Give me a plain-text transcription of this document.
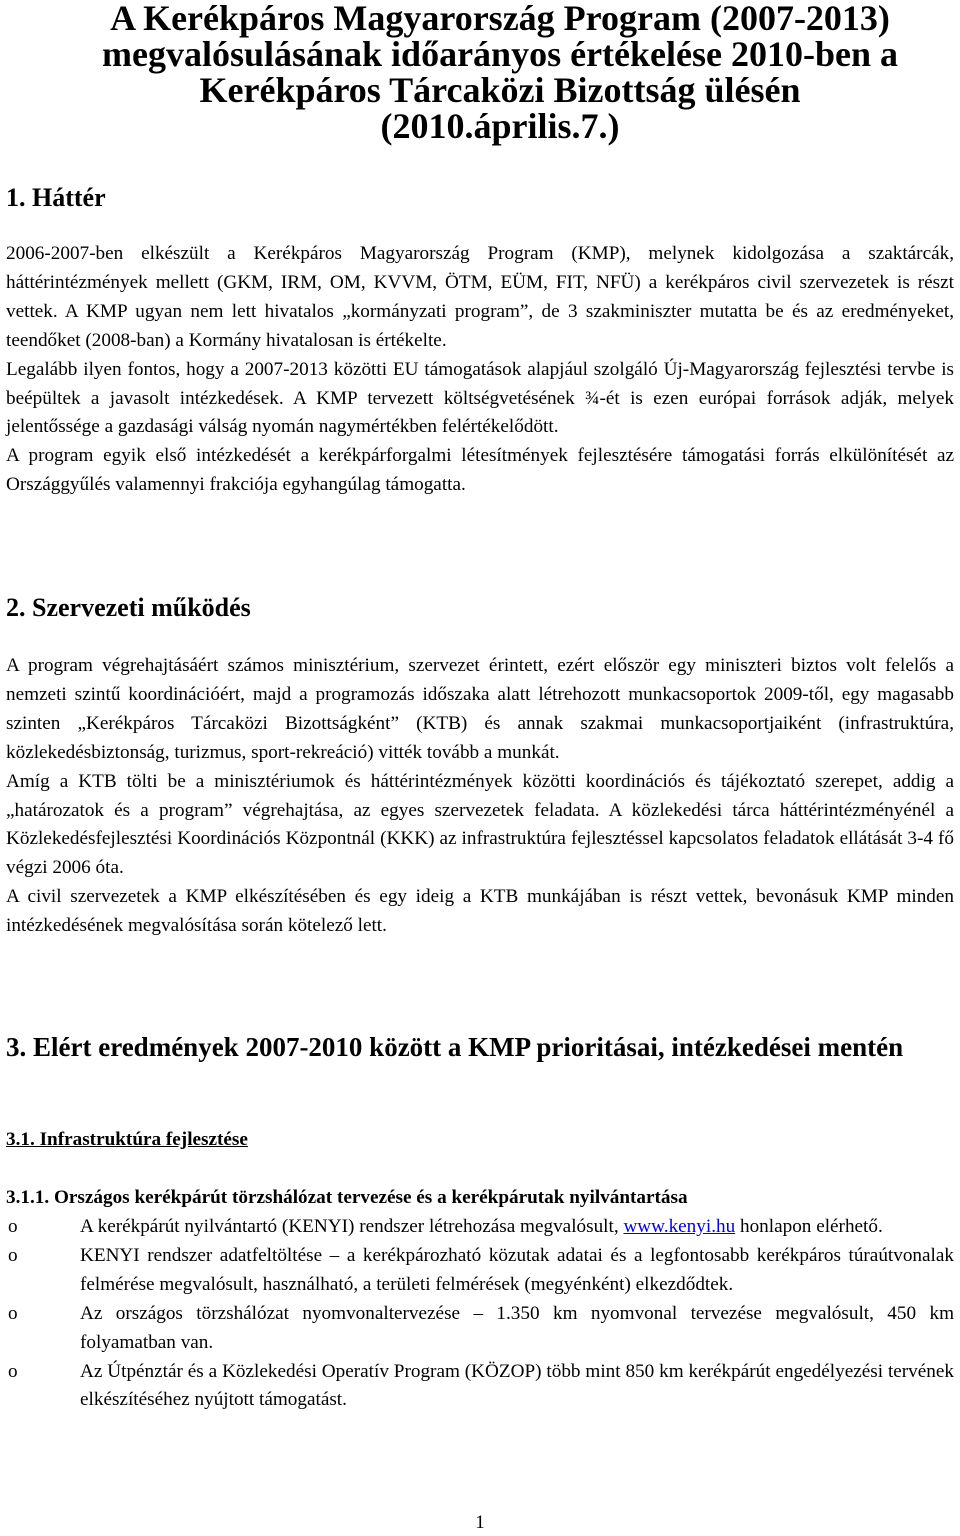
A Kerékpáros Magyarország Program (2007-2013)
megvalósulásának időarányos értékelése 2010-ben a
Kerékpáros Tárcaközi Bizottság ülésén
(2010.április.7.)
1. Háttér
2006-2007-ben elkészült a Kerékpáros Magyarország Program (KMP), melynek kidolgozása a szaktárcák, háttérintézmények mellett (GKM, IRM, OM, KVVM, ÖTM, EÜM, FIT, NFÜ) a kerékpáros civil szervezetek is részt vettek. A KMP ugyan nem lett hivatalos „kormányzati program”, de 3 szakminiszter mutatta be és az eredményeket, teendőket (2008-ban) a Kormány hivatalosan is értékelte.
Legalább ilyen fontos, hogy a 2007-2013 közötti EU támogatások alapjául szolgáló Új-Magyarország fejlesztési tervbe is beépültek a javasolt intézkedések. A KMP tervezett költségvetésének ¾-ét is ezen európai források adják, melyek jelentőssége a gazdasági válság nyomán nagymértékben felértékelődött.
A program egyik első intézkedését a kerékpárforgalmi létesítmények fejlesztésére támogatási forrás elkülönítését az Országgyűlés valamennyi frakciója egyhangúlag támogatta.
2. Szervezeti működés
A program végrehajtásáért számos minisztérium, szervezet érintett, ezért először egy miniszteri biztos volt felelős a nemzeti szintű koordinációért, majd a programozás időszaka alatt létrehozott munkacsoportok 2009-től, egy magasabb szinten „Kerékpáros Tárcaközi Bizottságként” (KTB) és annak szakmai munkacsoportjaiként (infrastruktúra, közlekedésbiztonság, turizmus, sport-rekreáció) vitték tovább a munkát.
Amíg a KTB tölti be a minisztériumok és háttérintézmények közötti koordinációs és tájékoztató szerepet, addig a „határozatok és a program” végrehajtása, az egyes szervezetek feladata. A közlekedési tárca háttérintézményénél a Közlekedésfejlesztési Koordinációs Központnál (KKK) az infrastruktúra fejlesztéssel kapcsolatos feladatok ellátását 3-4 fő végzi 2006 óta.
A civil szervezetek a KMP elkészítésében és egy ideig a KTB munkájában is részt vettek, bevonásuk KMP minden intézkedésének megvalósítása során kötelező lett.
3. Elért eredmények 2007-2010 között a KMP prioritásai, intézkedései mentén
3.1. Infrastruktúra fejlesztése
3.1.1. Országos kerékpárút törzshálózat tervezése és a kerékpárutak nyilvántartása
o	A kerékpárút nyilvántartó (KENYI) rendszer létrehozása megvalósult, www.kenyi.hu honlapon elérhető.
o	KENYI rendszer adatfeltöltése – a kerékpározható közutak adatai és a legfontosabb kerékpáros túraútvonalak felmérése megvalósult, használható, a területi felmérések (megyénként) elkezdődtek.
o	Az országos törzshálózat nyomvonaltervezése – 1.350 km nyomvonal tervezése megvalósult, 450 km folyamatban van.
o	Az Útpénztár és a Közlekedési Operatív Program (KÖZOP) több mint 850 km kerékpárút engedélyezési tervének elkészítéséhez nyújtott támogatást.
1
